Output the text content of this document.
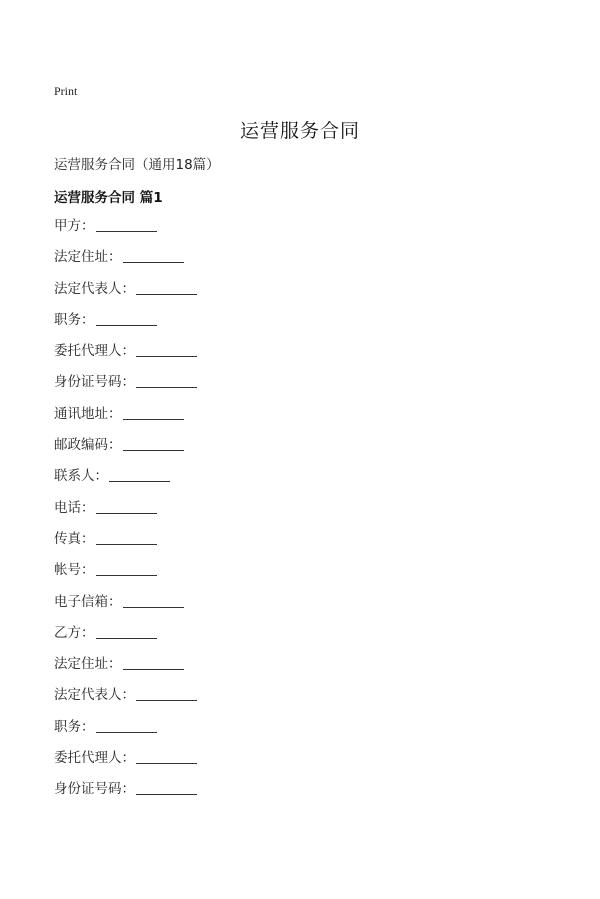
Print
运营服务合同
运营服务合同（通用18篇）
运营服务合同 篇1
甲方：
法定住址：
法定代表人：
职务：
委托代理人：
身份证号码：
通讯地址：
邮政编码：
联系人：
电话：
传真：
帐号：
电子信箱：
乙方：
法定住址：
法定代表人：
职务：
委托代理人：
身份证号码：
